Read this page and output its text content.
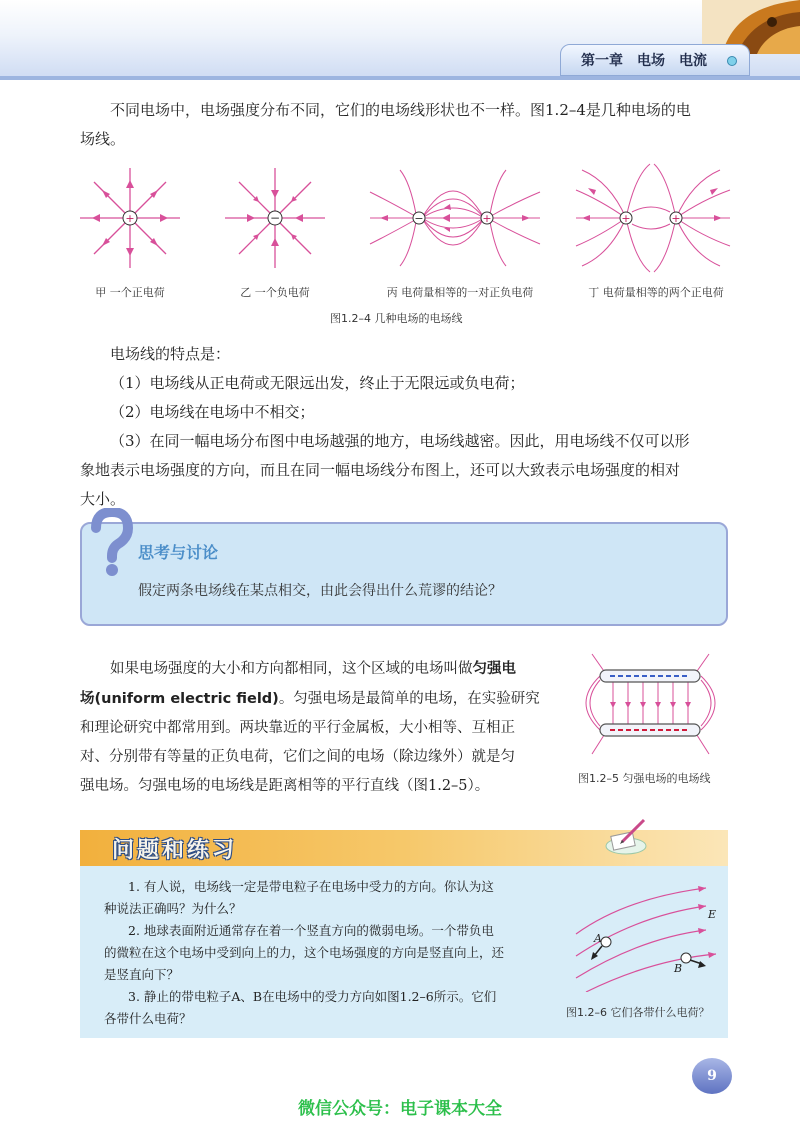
第一章　电场　电流
不同电场中，电场强度分布不同，它们的电场线形状也不一样。图1.2–4是几种电场的电
场线。
+	−	−	+	+	+
甲 一个正电荷	乙 一个负电荷	丙 电荷量相等的一对正负电荷	丁 电荷量相等的两个正电荷
图1.2–4 几种电场的电场线
电场线的特点是：
（1）电场线从正电荷或无限远出发，终止于无限远或负电荷；
（2）电场线在电场中不相交；
（3）在同一幅电场分布图中电场越强的地方，电场线越密。因此，用电场线不仅可以形
象地表示电场强度的方向，而且在同一幅电场线分布图上，还可以大致表示电场强度的相对
大小。
思考与讨论
假定两条电场线在某点相交，由此会得出什么荒谬的结论？
如果电场强度的大小和方向都相同，这个区域的电场叫做匀强电
场(uniform electric field)。匀强电场是最简单的电场，在实验研究
和理论研究中都常用到。两块靠近的平行金属板，大小相等、互相正
对、分别带有等量的正负电荷，它们之间的电场（除边缘外）就是匀
强电场。匀强电场的电场线是距离相等的平行直线（图1.2–5）。	图1.2–5 匀强电场的电场线
问题和练习
1. 有人说，电场线一定是带电粒子在电场中受力的方向。你认为这
种说法正确吗？为什么？
2. 地球表面附近通常存在着一个竖直方向的微弱电场。一个带负电
的微粒在这个电场中受到向上的力，这个电场强度的方向是竖直向上，还
是竖直向下？
3. 静止的带电粒子A、B在电场中的受力方向如图1.2–6所示。它们
各带什么电荷？
E
A
B
图1.2–6 它们各带什么电荷？
9
微信公众号：电子课本大全
